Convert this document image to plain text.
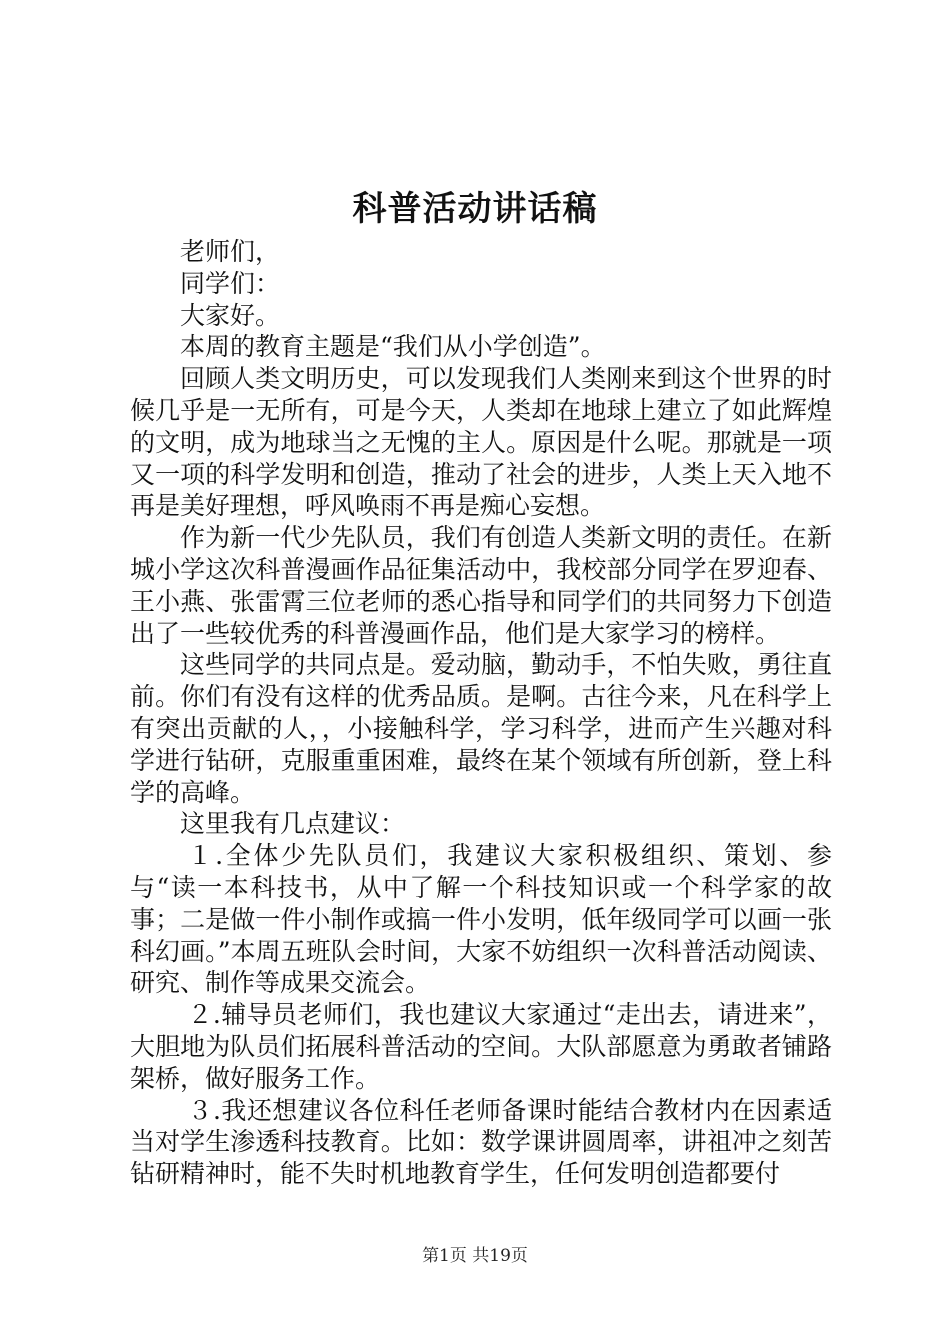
科普活动讲话稿

老师们，

同学们：

大家好。

本周的教育主题是“我们从小学创造”。

回顾人类文明历史，可以发现我们人类刚来到这个世界的时候几乎是一无所有，可是今天，人类却在地球上建立了如此辉煌的文明，成为地球当之无愧的主人。原因是什么呢。那就是一项又一项的科学发明和创造，推动了社会的进步，人类上天入地不再是美好理想，呼风唤雨不再是痴心妄想。

作为新一代少先队员，我们有创造人类新文明的责任。在新城小学这次科普漫画作品征集活动中，我校部分同学在罗迎春、王小燕、张雷霄三位老师的悉心指导和同学们的共同努力下创造出了一些较优秀的科普漫画作品，他们是大家学习的榜样。

这些同学的共同点是。爱动脑，勤动手，不怕失败，勇往直前。你们有没有这样的优秀品质。是啊。古往今来，凡在科学上有突出贡献的人，，小接触科学，学习科学，进而产生兴趣对科学进行钻研，克服重重困难，最终在某个领域有所创新，登上科学的高峰。

这里我有几点建议：

１.全体少先队员们，我建议大家积极组织、策划、参与“读一本科技书，从中了解一个科技知识或一个科学家的故事；二是做一件小制作或搞一件小发明，低年级同学可以画一张科幻画。”本周五班队会时间，大家不妨组织一次科普活动阅读、研究、制作等成果交流会。

２.辅导员老师们，我也建议大家通过“走出去，请进来”，大胆地为队员们拓展科普活动的空间。大队部愿意为勇敢者铺路架桥，做好服务工作。

３.我还想建议各位科任老师备课时能结合教材内在因素适当对学生渗透科技教育。比如：数学课讲圆周率，讲祖冲之刻苦钻研精神时，能不失时机地教育学生，任何发明创造都要付

第1页 共19页
